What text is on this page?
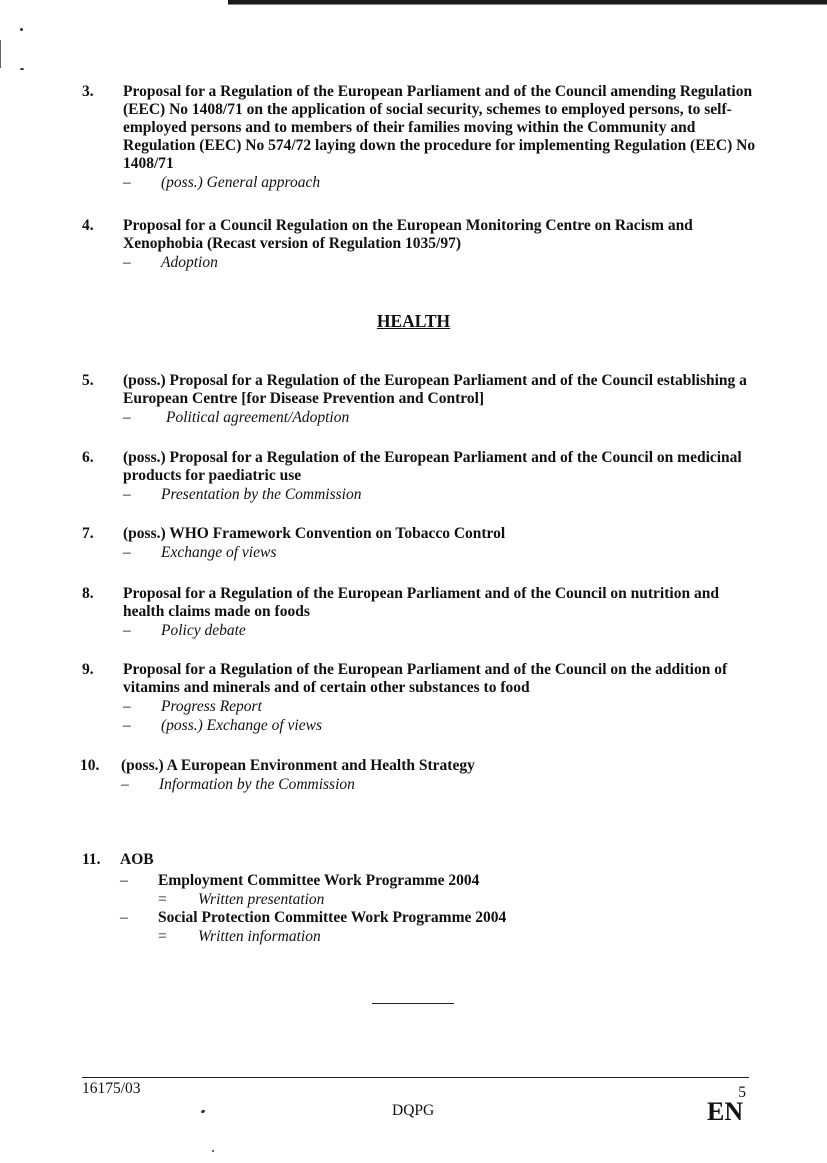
3.	Proposal for a Regulation of the European Parliament and of the Council amending Regulation (EEC) No 1408/71 on the application of social security, schemes to employed persons, to self-employed persons and to members of their families moving within the Community and Regulation (EEC) No 574/72 laying down the procedure for implementing Regulation (EEC) No 1408/71
– (poss.) General approach
4.	Proposal for a Council Regulation on the European Monitoring Centre on Racism and Xenophobia (Recast version of Regulation 1035/97)
– Adoption
HEALTH
5.	(poss.) Proposal for a Regulation of the European Parliament and of the Council establishing a European Centre [for Disease Prevention and Control]
– Political agreement/Adoption
6.	(poss.) Proposal for a Regulation of the European Parliament and of the Council on medicinal products for paediatric use
– Presentation by the Commission
7.	(poss.) WHO Framework Convention on Tobacco Control
– Exchange of views
8.	Proposal for a Regulation of the European Parliament and of the Council on nutrition and health claims made on foods
– Policy debate
9.	Proposal for a Regulation of the European Parliament and of the Council on the addition of vitamins and minerals and of certain other substances to food
– Progress Report
– (poss.) Exchange of views
10.	(poss.) A European Environment and Health Strategy
– Information by the Commission
11.	AOB
– Employment Committee Work Programme 2004
= Written presentation
– Social Protection Committee Work Programme 2004
= Written information
16175/03	5
DQPG	EN
